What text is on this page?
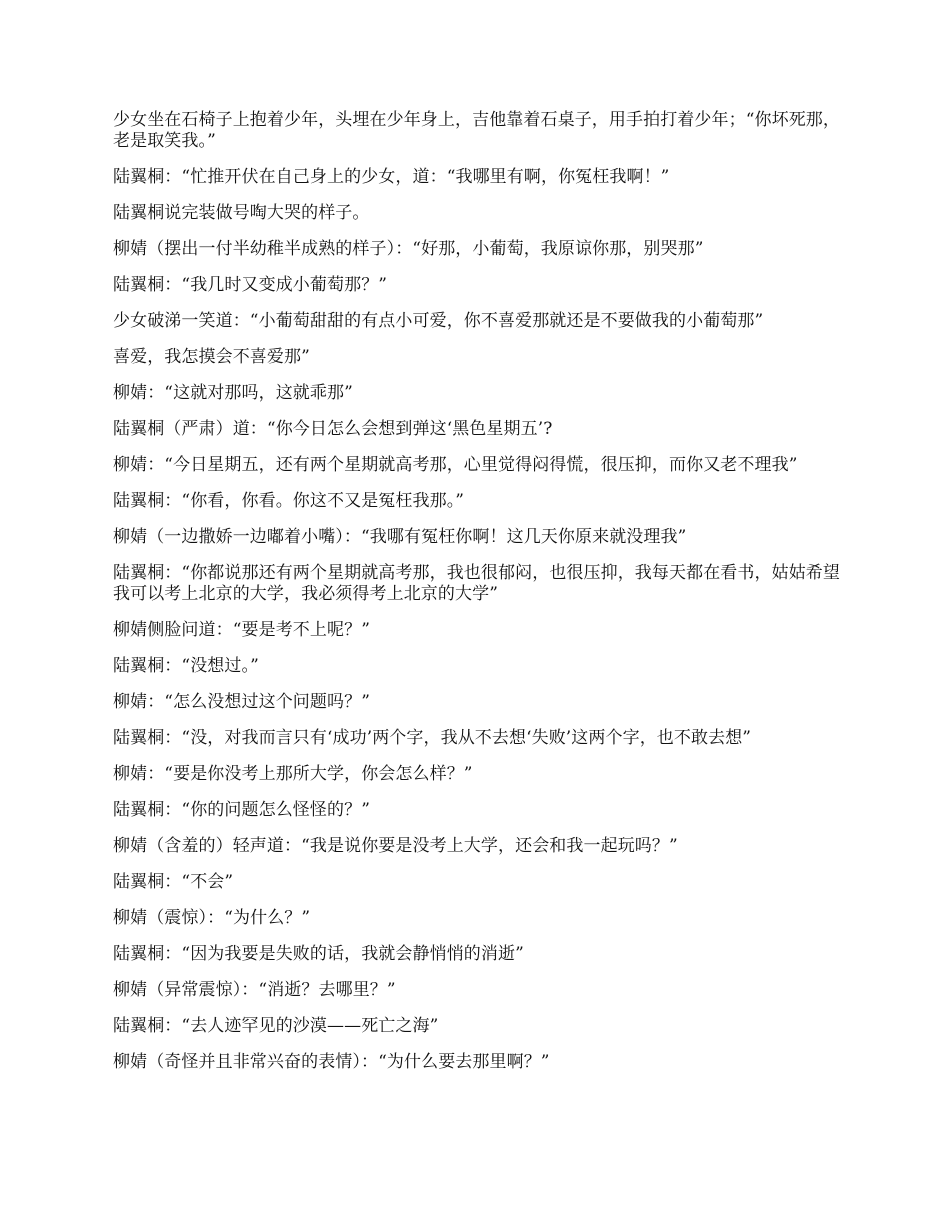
少女坐在石椅子上抱着少年，头埋在少年身上，吉他靠着石桌子，用手拍打着少年；“你坏死那，老是取笑我。”

陆翼桐：“忙推开伏在自己身上的少女，道：“我哪里有啊，你冤枉我啊！”

陆翼桐说完装做号啕大哭的样子。

柳婧（摆出一付半幼稚半成熟的样子）：“好那，小葡萄，我原谅你那，别哭那”

陆翼桐：“我几时又变成小葡萄那？”

少女破涕一笑道：“小葡萄甜甜的有点小可爱，你不喜爱那就还是不要做我的小葡萄那”

喜爱，我怎摸会不喜爱那”

柳婧：“这就对那吗，这就乖那”

陆翼桐（严肃）道：“你今日怎么会想到弹这‘黑色星期五’?

柳婧：“今日星期五，还有两个星期就高考那，心里觉得闷得慌，很压抑，而你又老不理我”

陆翼桐：“你看，你看。你这不又是冤枉我那。”

柳婧（一边撒娇一边嘟着小嘴）：“我哪有冤枉你啊！这几天你原来就没理我”

陆翼桐：“你都说那还有两个星期就高考那，我也很郁闷，也很压抑，我每天都在看书，姑姑希望我可以考上北京的大学，我必须得考上北京的大学”

柳婧侧脸问道：“要是考不上呢？”

陆翼桐：“没想过。”

柳婧：“怎么没想过这个问题吗？”

陆翼桐：“没，对我而言只有‘成功’两个字，我从不去想‘失败’这两个字，也不敢去想”

柳婧：“要是你没考上那所大学，你会怎么样？”

陆翼桐：“你的问题怎么怪怪的？”

柳婧（含羞的）轻声道：“我是说你要是没考上大学，还会和我一起玩吗？”

陆翼桐：“不会”

柳婧（震惊）：“为什么？”

陆翼桐：“因为我要是失败的话，我就会静悄悄的消逝”

柳婧（异常震惊）：“消逝？去哪里？”

陆翼桐：“去人迹罕见的沙漠——死亡之海”

柳婧（奇怪并且非常兴奋的表情）：“为什么要去那里啊？”
